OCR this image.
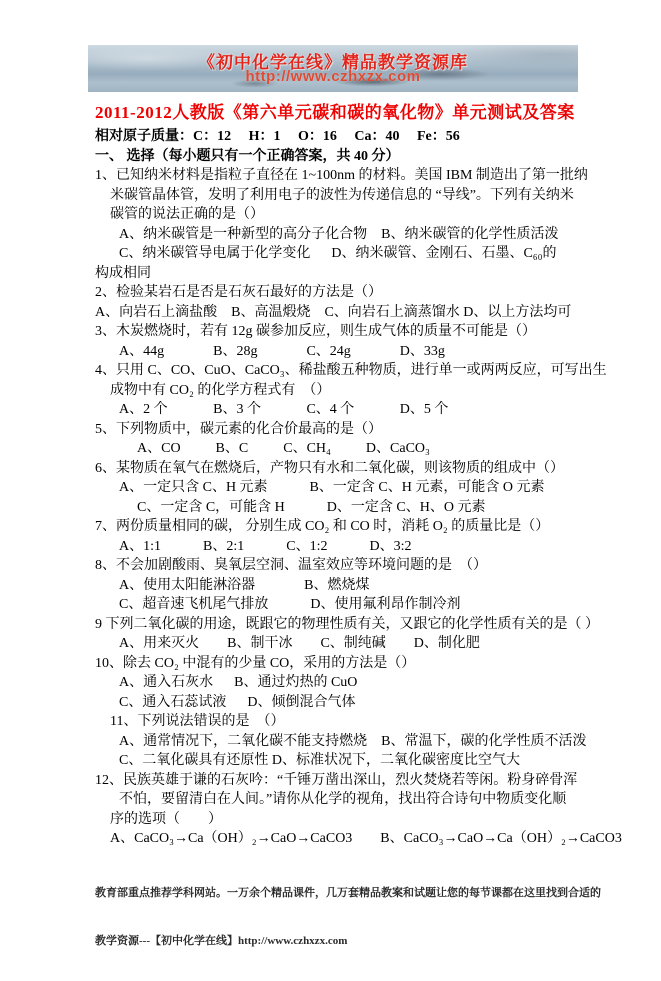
《初中化学在线》精品教学资源库
http://www.czhxzx.com
2011-2012人教版《第六单元碳和碳的氧化物》单元测试及答案
相对原子质量：C：12     H：1     O：16     Ca：40     Fe：56
一、 选择（每小题只有一个正确答案，共 40 分）
1、已知纳米材料是指粒子直径在 1~100nm 的材料。美国 IBM 制造出了第一批纳
米碳管晶体管，发明了利用电子的波性为传递信息的 “导线”。下列有关纳米
碳管的说法正确的是（）
A、纳米碳管是一种新型的高分子化合物    B、纳米碳管的化学性质活泼
C、纳米碳管导电属于化学变化      D、纳米碳管、金刚石、石墨、C₆₀的
构成相同
2、检验某岩石是否是石灰石最好的方法是（）
A、向岩石上滴盐酸    B、高温煅烧    C、向岩石上滴蒸馏水 D、以上方法均可
3、木炭燃烧时，若有 12g 碳参加反应，则生成气体的质量不可能是（）
A、44g              B、28g              C、24g              D、33g
4、只用 C、CO、CuO、CaCO₃、稀盐酸五种物质，进行单一或两两反应，可写出生
成物中有 CO₂ 的化学方程式有  （）
A、2 个             B、3 个             C、4 个             D、5 个
5、下列物质中，碳元素的化合价最高的是（）
A、CO          B、C          C、CH₄          D、CaCO₃
6、某物质在氧气在燃烧后，产物只有水和二氧化碳，则该物质的组成中（）
A、一定只含 C、H 元素            B、一定含 C、H 元素，可能含 O 元素
C、一定含 C，可能含 H            D、一定含 C、H、O 元素
7、两份质量相同的碳， 分别生成 CO₂ 和 CO 时，消耗 O₂ 的质量比是（）
A、1:1            B、2:1            C、1:2            D、3:2
8、不会加剧酸雨、臭氧层空洞、温室效应等环境问题的是　（）
A、使用太阳能淋浴器              B、燃烧煤
C、超音速飞机尾气排放            D、使用氟利昂作制冷剂
9 下列二氧化碳的用途，既跟它的物理性质有关，又跟它的化学性质有关的是（ ）
A、用来灭火        B、制干冰        C、制纯碱        D、制化肥
10、除去 CO₂ 中混有的少量 CO，采用的方法是（）
A、通入石灰水      B、通过灼热的 CuO
C、通入石蕊试液      D、倾倒混合气体
11、下列说法错误的是　（）
A、通常情况下，二氧化碳不能支持燃烧　B、常温下，碳的化学性质不活泼
C、二氧化碳具有还原性 D、标准状况下，二氧化碳密度比空气大
12、民族英雄于谦的石灰吟：“千锤万凿出深山，烈火焚烧若等闲。粉身碎骨浑
不怕，要留清白在人间。”请你从化学的视角，找出符合诗句中物质变化顺
序的选项（        ）
A、CaCO₃→Ca（OH）₂→CaO→CaCO3        B、CaCO₃→CaO→Ca（OH）₂→CaCO3

教育部重点推荐学科网站。一万余个精品课件，几万套精品教案和试题让您的每节课都在这里找到合适的

教学资源---【初中化学在线】http://www.czhxzx.com
